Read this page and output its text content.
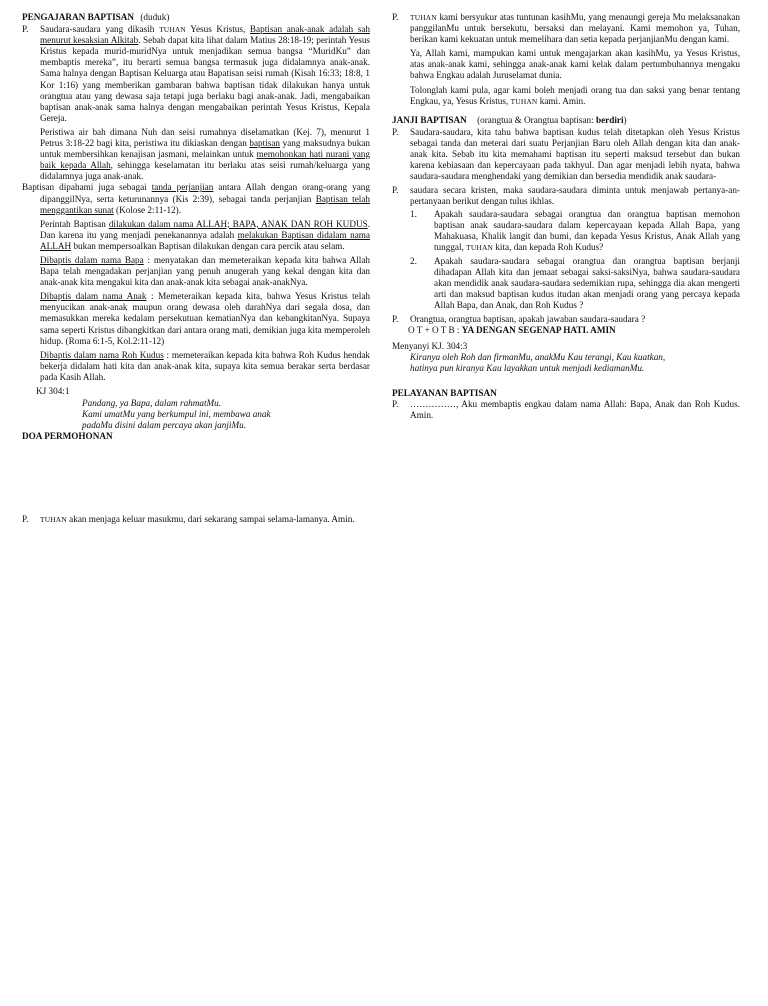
PENGAJARAN BAPTISAN (duduk)

P.	Saudara-saudara yang dikasih TUHAN Yesus Kristus, Baptisan anak-anak adalah sah menurut kesaksian Alkitab. Sebab dapat kita lihat dalam Matius 28:18-19; perintah Yesus Kristus kepada murid-muridNya untuk menjadikan semua bangsa “MuridKu” dan membaptis mereka”, itu berarti semua bangsa termasuk juga didalamnya anak-anak. Sama halnya dengan Baptisan Keluarga atau Bapatisan seisi rumah (Kisah 16:33; 18:8, 1 Kor 1:16) yang memberikan gambaran bahwa baptisan tidak dilakukan hanya untuk orangtua atau yang dewasa saja tetapi juga berlaku bagi anak-anak. Jadi, mengabaikan baptisan anak-anak sama halnya dengan mengabaikan perintah Yesus Kristus, Kepala Gereja.

Peristiwa air bah dimana Nuh dan seisi rumahnya diselamatkan (Kej. 7), menurut 1 Petrus 3:18-22 bagi kita, peristiwa itu dikiaskan dengan baptisan yang maksudnya bukan untuk membersihkan kenajisan jasmani, melainkan untuk memohonkan hati nurani yang baik kepada Allah, sehingga keselamatan itu berlaku atas seisi rumah/keluarga yang didalamnya juga anak-anak.
Baptisan dipahami juga sebagai tanda perjanjian antara Allah dengan orang-orang yang dipanggilNya, serta keturunannya (Kis 2:39), sebagai tanda perjanjian Baptisan telah menggantikan sunat (Kolose 2:11-12).

Perintah Baptisan dilakukan dalam nama ALLAH; BAPA, ANAK DAN ROH KUDUS. Dan karena itu yang menjadi penekanannya adalah melakukan Baptisan didalam nama ALLAH bukan mempersoalkan Baptisan dilakukan dengan cara percik atau selam.

Dibaptis dalam nama Bapa : menyatakan dan memeteraikan kepada kita bahwa Allah Bapa telah mengadakan perjanjian yang penuh anugerah yang kekal dengan kita dan anak-anak kita mengakui kita dan anak-anak kita sebagai anak-anakNya.

Dibaptis dalam nama Anak : Memeteraikan kepada kita, bahwa Yesus Kristus telah menyucikan anak-anak maupun orang dewasa oleh darahNya dari segala dosa, dan memasukkan mereka kedalam persekutuan kematianNya dan kebangkitanNya. Supaya sama seperti Kristus dibangkitkan dari antara orang mati, demikian juga kita memperoleh hidup. (Roma 6:1-5, Kol.2:11-12)

Dibaptis dalam nama Roh Kudus : memeteraikan kepada kita bahwa Roh Kudus hendak bekerja didalam hati kita dan anak-anak kita, supaya kita semua berakar serta berdasar pada Kasih Allah.

KJ 304:1

Pandang, ya Bapa, dalam rahmatMu.

Kami umatMu yang berkumpul ini, membawa anak

padaMu disini dalam percaya akan janjiMu.

DOA PERMOHONAN

P.	TUHAN akan menjaga keluar masukmu, dari sekarang sampai selama-lamanya. Amin.

P.	TUHAN kami bersyukur atas tuntunan kasihMu, yang menaungi gereja Mu melaksanakan panggilanMu untuk bersekutu, bersaksi dan melayani. Kami memohon ya, Tuhan, berikan kami kekuatan untuk memelihara dan setia kepada perjanjianMu dengan kami.

Ya, Allah kami, mampukan kami untuk mengajarkan akan kasihMu, ya Yesus Kristus, atas anak-anak kami, sehingga anak-anak kami kelak dalam pertumbuhannya mengaku bahwa Engkau adalah Juruselamat dunia.

Tolonglah kami pula, agar kami boleh menjadi orang tua dan saksi yang benar tentang Engkau, ya, Yesus Kristus, TUHAN kami. Amin.

JANJI BAPTISAN (orangtua & Orangtua baptisan: berdiri)

P.	Saudara-saudara, kita tahu bahwa baptisan kudus telah ditetapkan oleh Yesus Kristus sebagai tanda dan meterai dari suatu Perjanjian Baru oleh Allah dengan kita dan anak-anak kita. Sebab itu kita memahami baptisan itu seperti maksud tersebut dan bukan karena kebiasaan dan kepercayaan pada takhyul. Dan agar menjadi lebih nyata, bahwa saudara-saudara menghendaki yang demikian dan bersedia mendidik anak saudara-

P.	saudara secara kristen, maka saudara-saudara diminta untuk menjawab pertanya-an-pertanyaan berikut dengan tulus ikhlas.

1.	Apakah saudara-saudara sebagai orangtua dan orangtua baptisan memohon baptisan anak saudara-saudara dalam kepercayaan kepada Allah Bapa, yang Mahakuasa, Khalik langit dan bumi, dan kepada Yesus Kristus, Anak Allah yang tunggal, TUHAN kita, dan kepada Roh Kudus?

2.	Apakah saudara-saudara sebagai orangtua dan orangtua baptisan berjanji dihadapan Allah kita dan jemaat sebagai saksi-saksiNya, bahwa saudara-saudara akan mendidik anak saudara-saudara sedemikian rupa, sehingga dia akan mengerti arti dan maksud baptisan kudus itudan akan menjadi orang yang percaya kepada Allah Bapa, dan Anak, dan Roh Kudus ?

P.	Orangtua, orangtua baptisan, apakah jawaban saudara-saudara ?

O T + O T B : YA DENGAN SEGENAP HATI. AMIN

Menyanyi KJ. 304:3

Kiranya oleh Roh dan firmanMu, anakMu Kau terangi, Kau kuatkan,

hatinya pun kiranya Kau layakkan untuk menjadi kediamanMu.

PELAYANAN BAPTISAN

P.	……………, Aku membaptis engkau dalam nama Allah: Bapa, Anak dan Roh Kudus. Amin.
